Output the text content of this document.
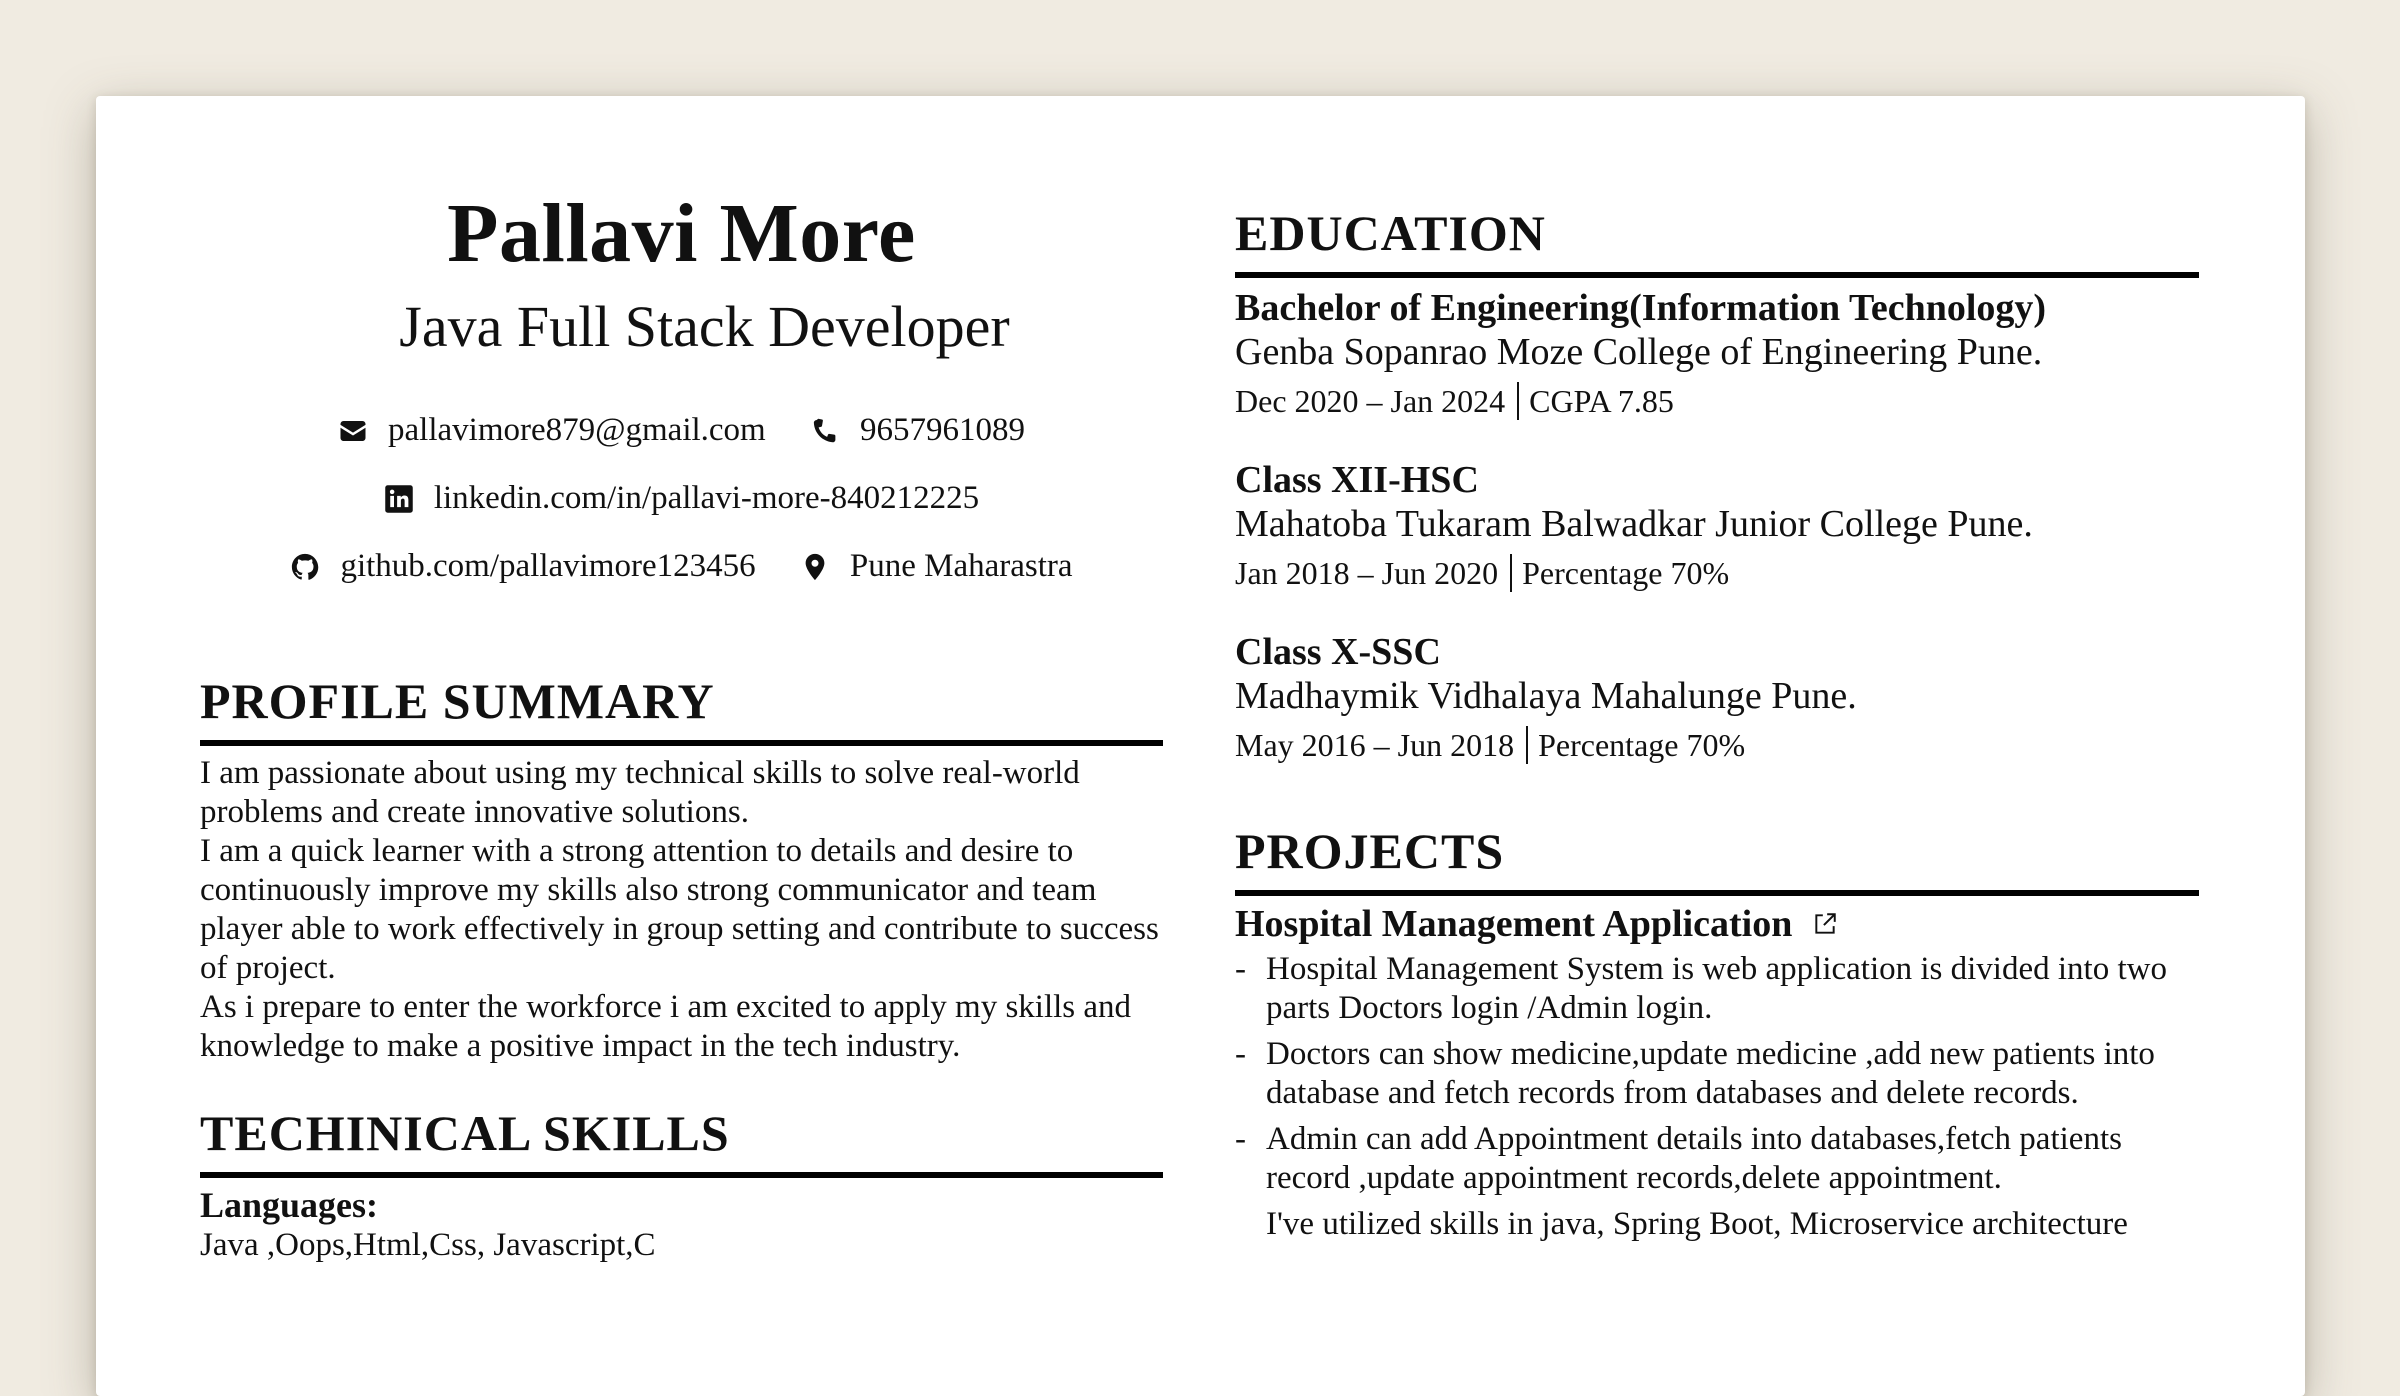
Pallavi More
Java Full Stack Developer
pallavimore879@gmail.com
	9657961089
linkedin.com/in/pallavi-more-840212225
github.com/pallavimore123456
	Pune Maharastra
PROFILE SUMMARY

I am passionate about using my technical skills to solve real-world problems and create innovative solutions.

I am a quick learner with a strong attention to details and desire to continuously improve my skills also strong communicator and team player able to work effectively in group setting and contribute to success of project.

As i prepare to enter the workforce i am excited to apply my skills and knowledge to make a positive impact in the tech industry.

TECHINICAL SKILLS
Languages:
Java ,Oops,Html,Css, Javascript,C
EDUCATION
Bachelor of Engineering(Information Technology)
Genba Sopanrao Moze College of Engineering Pune.
Dec 2020 – Jan 2024 CGPA 7.85
Class XII-HSC
Mahatoba Tukaram Balwadkar Junior College Pune.
Jan 2018 – Jun 2020 Percentage 70%
Class X-SSC
Madhaymik Vidhalaya Mahalunge Pune.
May 2016 – Jun 2018 Percentage 70%
PROJECTS
Hospital Management Application
- Hospital Management System is web application is divided into two parts Doctors login /Admin login.
- Doctors can show medicine,update medicine ,add new patients into database and fetch records from databases and delete records.
- Admin can add Appointment details into databases,fetch patients record ,update appointment records,delete appointment.
I've utilized skills in java, Spring Boot, Microservice architecture
